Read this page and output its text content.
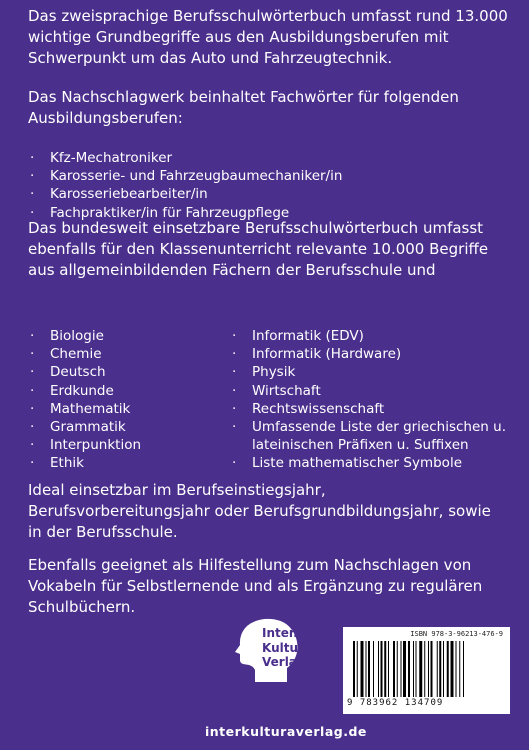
Das zweisprachige Berufsschulwörterbuch umfasst rund 13.000 wichtige Grundbegriffe aus den Ausbildungsberufen mit Schwerpunkt um das Auto und Fahrzeugtechnik.

Das Nachschlagwerk beinhaltet Fachwörter für folgenden Ausbildungsberufen:

· Kfz-Mechatroniker
· Karosserie- und Fahrzeugbaumechaniker/in
· Karosseriebearbeiter/in
· Fachpraktiker/in für Fahrzeugpflege

Das bundesweit einsetzbare Berufsschulwörterbuch umfasst ebenfalls für den Klassenunterricht relevante 10.000 Begriffe aus allgemeinbildenden Fächern der Berufsschule und

· Biologie
· Chemie
· Deutsch
· Erdkunde
· Mathematik
· Grammatik
· Interpunktion
· Ethik
· Informatik (EDV)
· Informatik (Hardware)
· Physik
· Wirtschaft
· Rechtswissenschaft
· Umfassende Liste der griechischen u. lateinischen Präfixen u. Suffixen
· Liste mathematischer Symbole

Ideal einsetzbar im Berufseinstiegsjahr, Berufsvorbereitungsjahr oder Berufsgrundbildungsjahr, sowie in der Berufsschule.

Ebenfalls geeignet als Hilfestellung zum Nachschlagen von Vokabeln für Selbstlernende und als Ergänzung zu regulären Schulbüchern.

Inter.
Kultura.
Verlag.
ISBN 978-3-96213-476-9
9 783962 134709
interkulturaverlag.de
